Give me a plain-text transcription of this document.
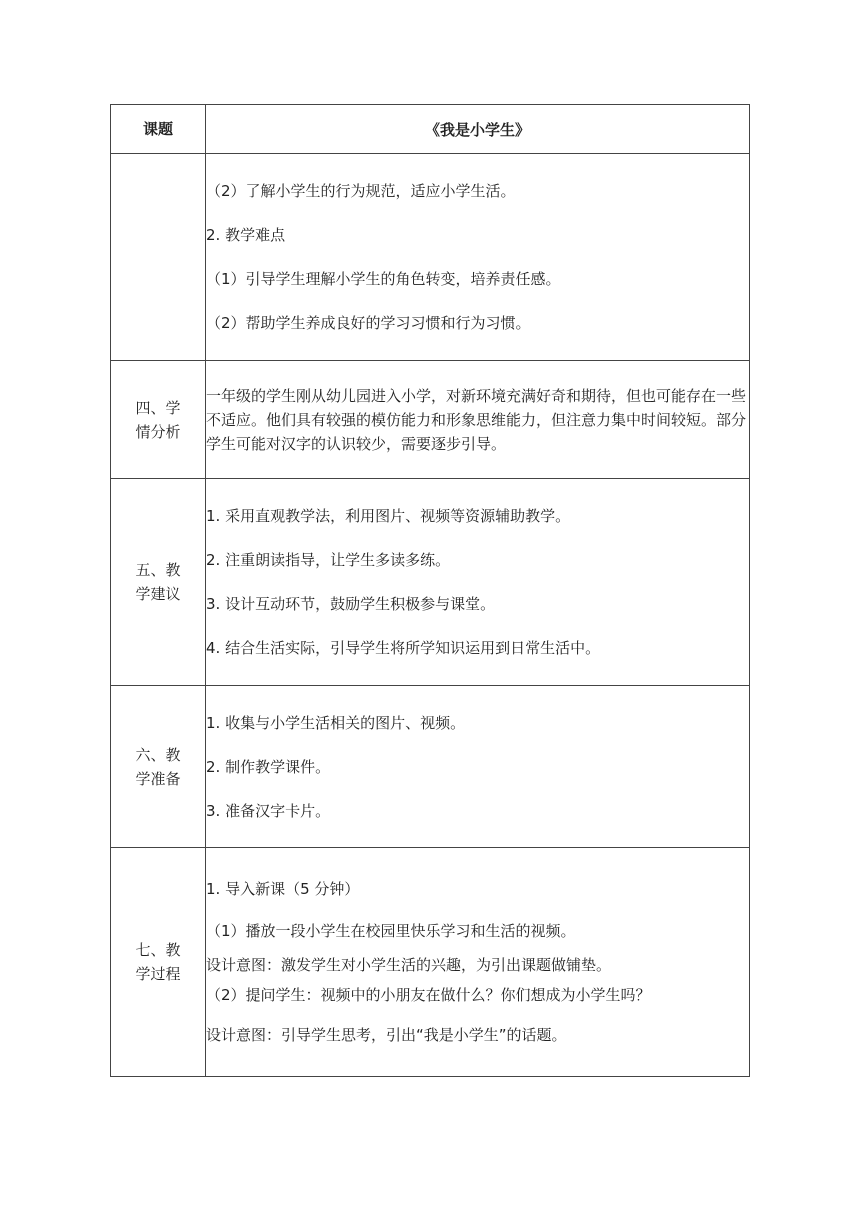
课题	《我是小学生》

	（2）了解小学生的行为规范，适应小学生活。

2. 教学难点

（1）引导学生理解小学生的角色转变，培养责任感。

（2）帮助学生养成良好的学习习惯和行为习惯。

四、学情分析	一年级的学生刚从幼儿园进入小学，对新环境充满好奇和期待，但也可能存在一些不适应。他们具有较强的模仿能力和形象思维能力，但注意力集中时间较短。部分学生可能对汉字的认识较少，需要逐步引导。

五、教学建议	1. 采用直观教学法，利用图片、视频等资源辅助教学。

2. 注重朗读指导，让学生多读多练。

3. 设计互动环节，鼓励学生积极参与课堂。

4. 结合生活实际，引导学生将所学知识运用到日常生活中。

六、教学准备	1. 收集与小学生活相关的图片、视频。

2. 制作教学课件。

3. 准备汉字卡片。

七、教学过程	1. 导入新课（5 分钟）

（1）播放一段小学生在校园里快乐学习和生活的视频。

设计意图：激发学生对小学生活的兴趣，为引出课题做铺垫。

（2）提问学生：视频中的小朋友在做什么？你们想成为小学生吗？

设计意图：引导学生思考，引出“我是小学生”的话题。
